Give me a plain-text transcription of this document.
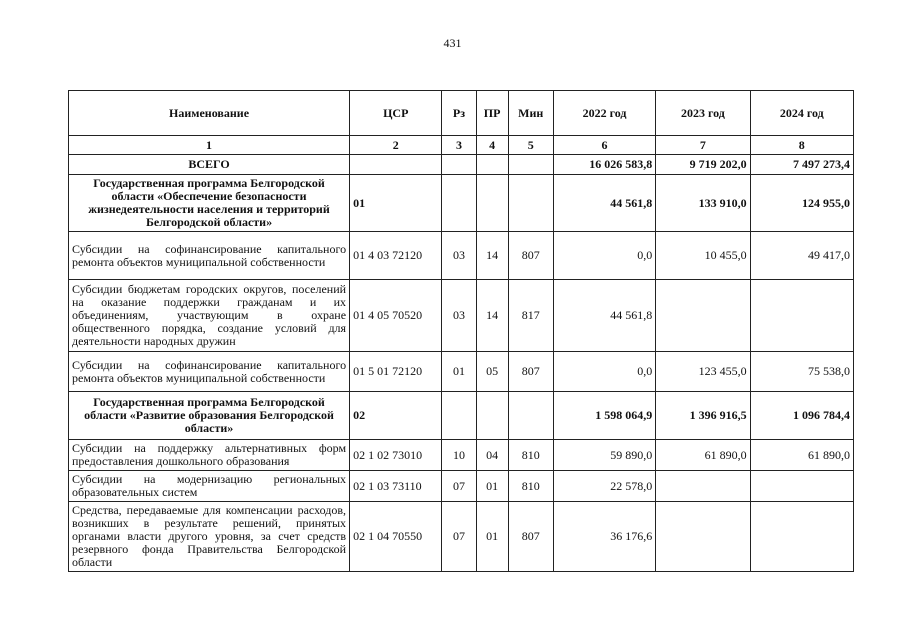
431
Наименование	ЦСР	Рз	ПР	Мин	2022 год	2023 год	2024 год
1	2	3	4	5	6	7	8
ВСЕГО					16 026 583,8	9 719 202,0	7 497 273,4
Государственная программа Белгородской области «Обеспечение безопасности жизнедеятельности населения и территорий Белгородской области»	01				44 561,8	133 910,0	124 955,0
Субсидии на софинансирование капитального ремонта объектов муниципальной собственности	01 4 03 72120	03	14	807	0,0	10 455,0	49 417,0
Субсидии бюджетам городских округов, поселений на оказание поддержки гражданам и их объединениям, участвующим в охране общественного порядка, создание условий для деятельности народных дружин	01 4 05 70520	03	14	817	44 561,8		
Субсидии на софинансирование капитального ремонта объектов муниципальной собственности	01 5 01 72120	01	05	807	0,0	123 455,0	75 538,0
Государственная программа Белгородской области «Развитие образования Белгородской области»	02				1 598 064,9	1 396 916,5	1 096 784,4
Субсидии на поддержку альтернативных форм предоставления дошкольного образования	02 1 02 73010	10	04	810	59 890,0	61 890,0	61 890,0
Субсидии на модернизацию региональных образовательных систем	02 1 03 73110	07	01	810	22 578,0		
Средства, передаваемые для компенсации расходов, возникших в результате решений, принятых органами власти другого уровня, за счет средств резервного фонда Правительства Белгородской области	02 1 04 70550	07	01	807	36 176,6		
